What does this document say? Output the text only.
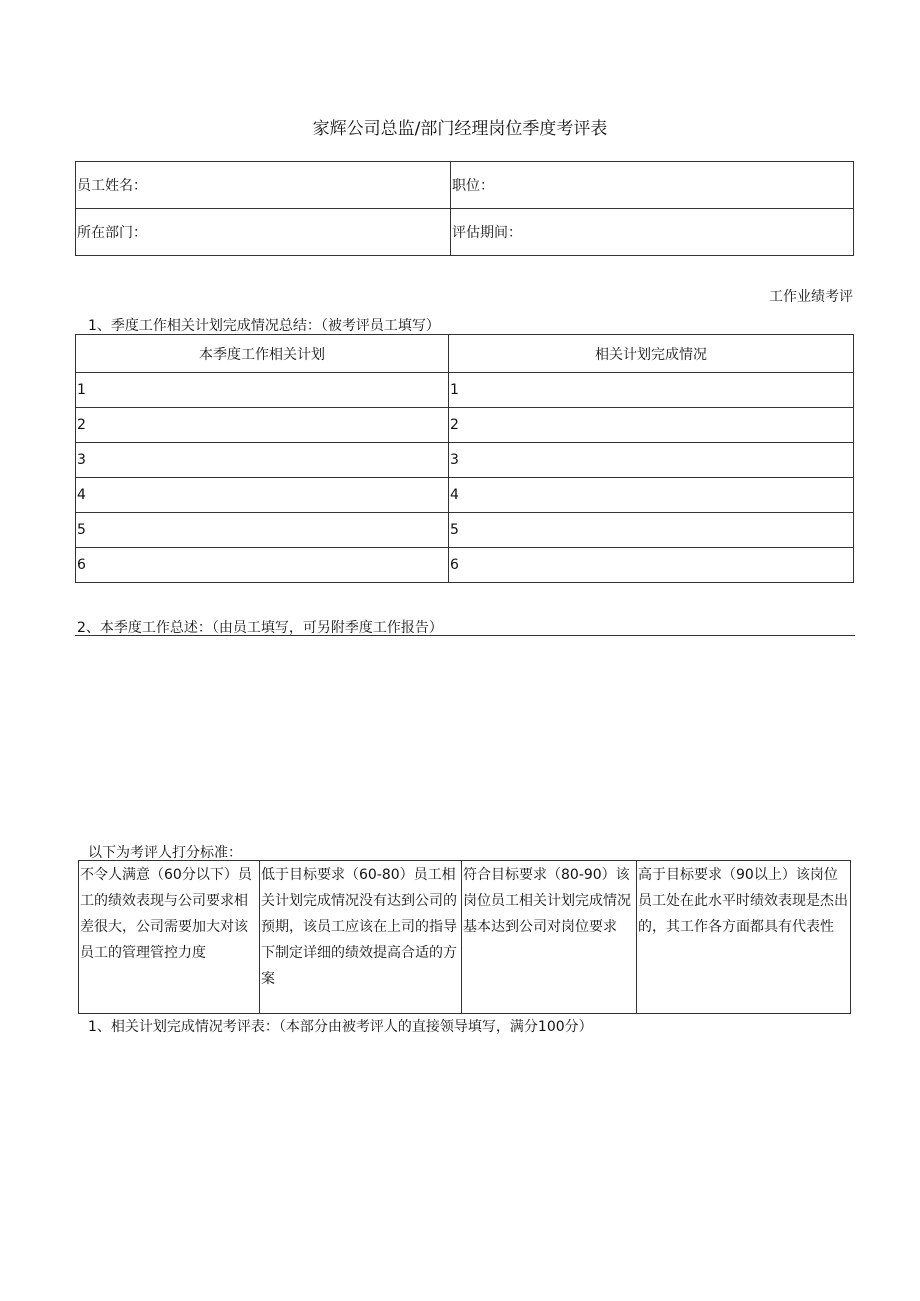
家辉公司总监/部门经理岗位季度考评表
员工姓名：	职位：
所在部门：	评估期间：
工作业绩考评
1、季度工作相关计划完成情况总结：（被考评员工填写）
本季度工作相关计划	相关计划完成情况
1	1
2	2
3	3
4	4
5	5
6	6
2、本季度工作总述：（由员工填写，可另附季度工作报告）
以下为考评人打分标准：
不令人满意（60分以下）员工的绩效表现与公司要求相差很大，公司需要加大对该员工的管理管控力度	低于目标要求（60-80）员工相关计划完成情况没有达到公司的预期，该员工应该在上司的指导下制定详细的绩效提高合适的方案	符合目标要求（80-90）该岗位员工相关计划完成情况基本达到公司对岗位要求	高于目标要求（90以上）该岗位员工处在此水平时绩效表现是杰出的，其工作各方面都具有代表性
1、相关计划完成情况考评表：（本部分由被考评人的直接领导填写，满分100分）
